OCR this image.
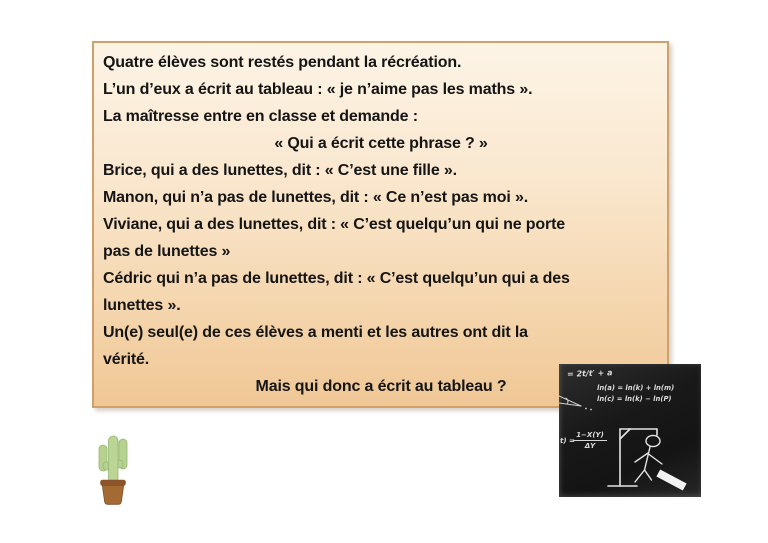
Quatre élèves sont restés pendant la récréation.
L’un d’eux a écrit au tableau : « je n’aime pas les maths ».
La maîtresse entre en classe et demande :
« Qui a écrit cette phrase ? »
Brice, qui a des lunettes, dit : « C’est une fille ».
Manon, qui n’a pas de lunettes, dit : « Ce n’est pas moi ».
Viviane, qui a des lunettes, dit : « C’est quelqu’un qui ne porte
pas de lunettes »
Cédric qui n’a pas de lunettes, dit : « C’est quelqu’un qui a des
lunettes ».
Un(e) seul(e) de ces élèves a menti et les autres ont dit la
vérité.
Mais qui donc a écrit au tableau ?
= 2t/t′ + a
ln(a) = ln(k) + ln(m)
ln(c) = ln(k) − ln(P)
t) =
$\frac{1-X(Y)}{\Delta Y}$
